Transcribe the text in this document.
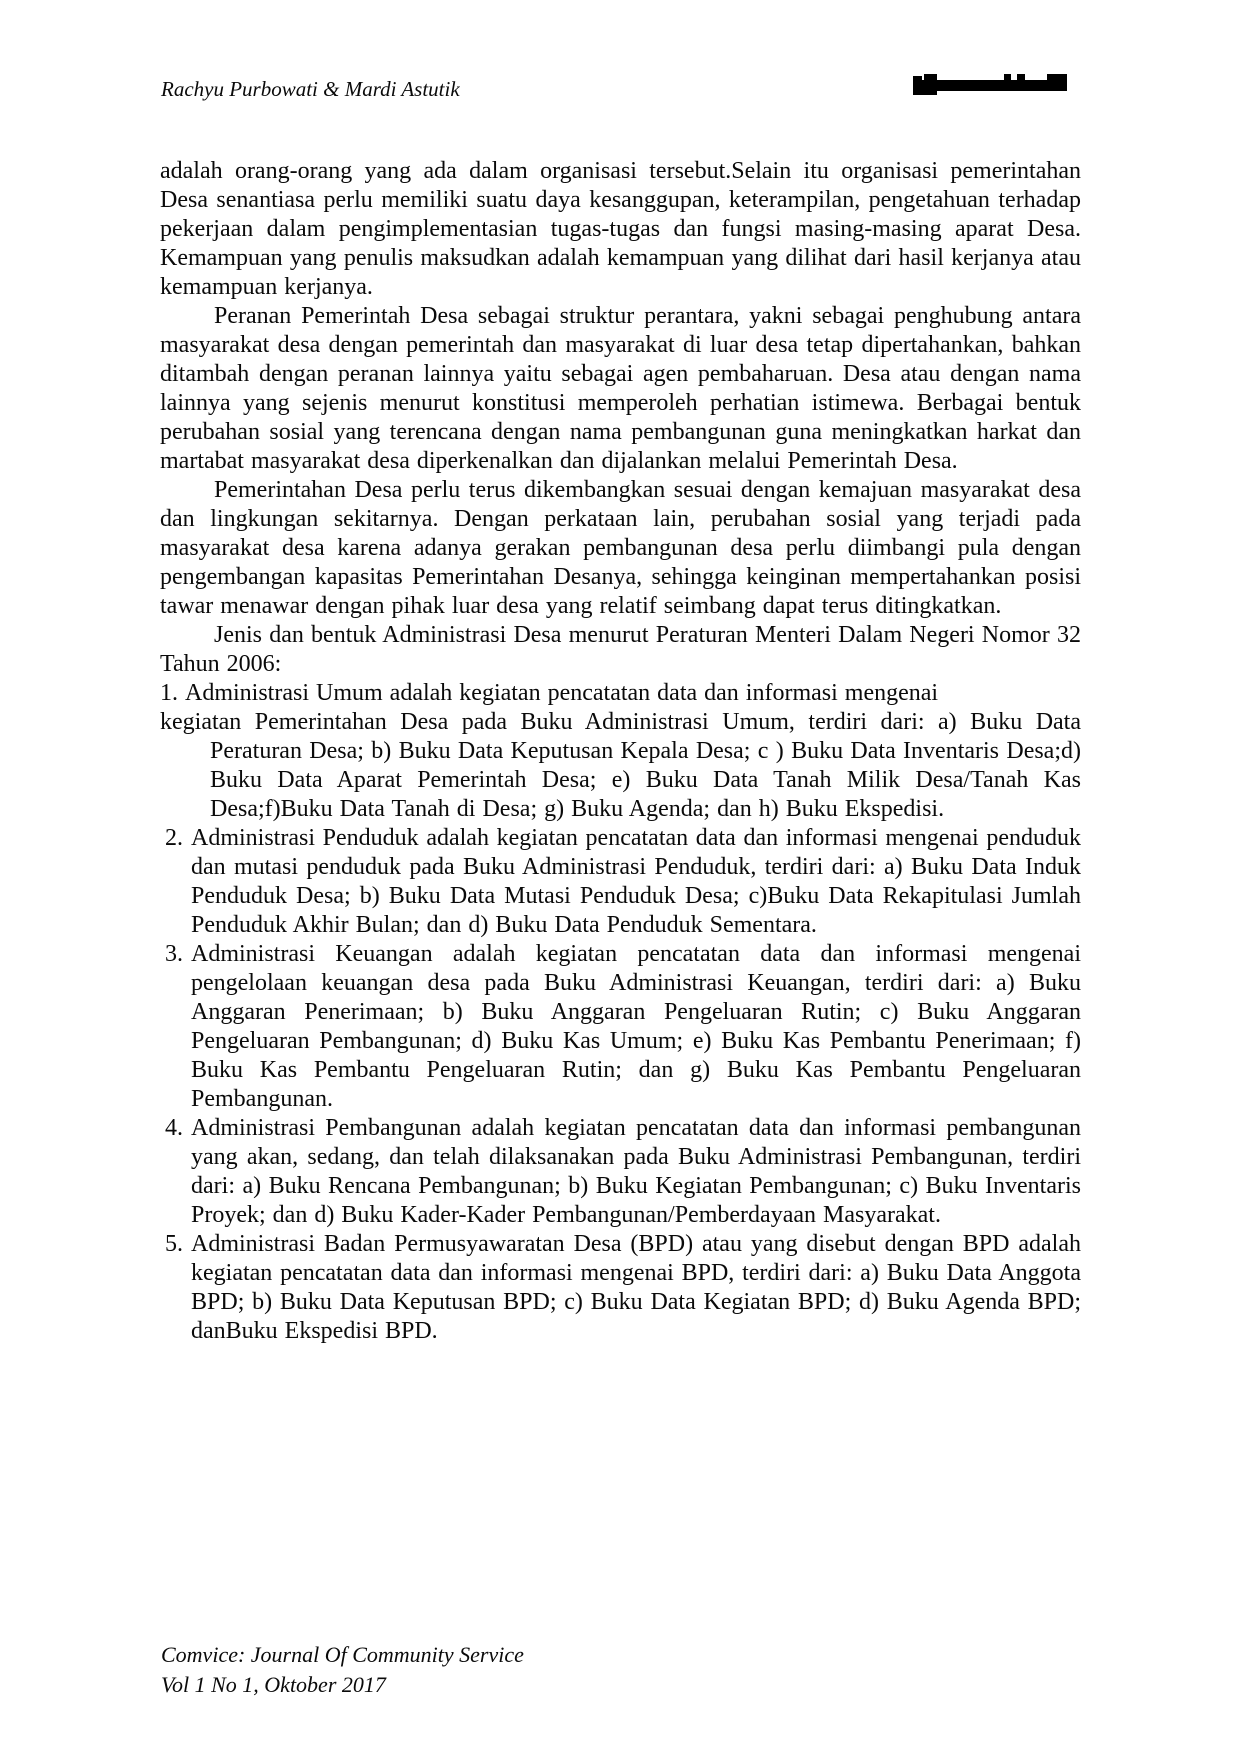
Rachyu Purbowati & Mardi Astutik

adalah orang-orang yang ada dalam organisasi tersebut.Selain itu organisasi pemerintahan Desa senantiasa perlu memiliki suatu daya kesanggupan, keterampilan, pengetahuan terhadap pekerjaan dalam pengimplementasian tugas-tugas dan fungsi masing-masing aparat Desa. Kemampuan yang penulis maksudkan adalah kemampuan yang dilihat dari hasil kerjanya atau kemampuan kerjanya.

Peranan Pemerintah Desa sebagai struktur perantara, yakni sebagai penghubung antara masyarakat desa dengan pemerintah dan masyarakat di luar desa tetap dipertahankan, bahkan ditambah dengan peranan lainnya yaitu sebagai agen pembaharuan. Desa atau dengan nama lainnya yang sejenis menurut konstitusi memperoleh perhatian istimewa. Berbagai bentuk perubahan sosial yang terencana dengan nama pembangunan guna meningkatkan harkat dan martabat masyarakat desa diperkenalkan dan dijalankan melalui Pemerintah Desa.

Pemerintahan Desa perlu terus dikembangkan sesuai dengan kemajuan masyarakat desa dan lingkungan sekitarnya. Dengan perkataan lain, perubahan sosial yang terjadi pada masyarakat desa karena adanya gerakan pembangunan desa perlu diimbangi pula dengan pengembangan kapasitas Pemerintahan Desanya, sehingga keinginan mempertahankan posisi tawar menawar dengan pihak luar desa yang relatif seimbang dapat terus ditingkatkan.

Jenis dan bentuk Administrasi Desa menurut Peraturan Menteri Dalam Negeri Nomor 32 Tahun 2006:

1. Administrasi Umum adalah kegiatan pencatatan data dan informasi mengenai
kegiatan Pemerintahan Desa pada Buku Administrasi Umum, terdiri dari: a) Buku Data Peraturan Desa; b) Buku Data Keputusan Kepala Desa; c ) Buku Data Inventaris Desa;d) Buku Data Aparat Pemerintah Desa; e) Buku Data Tanah Milik Desa/Tanah Kas Desa;f)Buku Data Tanah di Desa; g) Buku Agenda; dan h) Buku Ekspedisi.
2. Administrasi Penduduk adalah kegiatan pencatatan data dan informasi mengenai penduduk dan mutasi penduduk pada Buku Administrasi Penduduk, terdiri dari: a) Buku Data Induk Penduduk Desa; b) Buku Data Mutasi Penduduk Desa; c)Buku Data Rekapitulasi Jumlah Penduduk Akhir Bulan; dan d) Buku Data Penduduk Sementara.
3. Administrasi Keuangan adalah kegiatan pencatatan data dan informasi mengenai pengelolaan keuangan desa pada Buku Administrasi Keuangan, terdiri dari: a) Buku Anggaran Penerimaan; b) Buku Anggaran Pengeluaran Rutin; c) Buku Anggaran Pengeluaran Pembangunan; d) Buku Kas Umum; e) Buku Kas Pembantu Penerimaan; f) Buku Kas Pembantu Pengeluaran Rutin; dan g) Buku Kas Pembantu Pengeluaran Pembangunan.
4. Administrasi Pembangunan adalah kegiatan pencatatan data dan informasi pembangunan yang akan, sedang, dan telah dilaksanakan pada Buku Administrasi Pembangunan, terdiri dari: a) Buku Rencana Pembangunan; b) Buku Kegiatan Pembangunan; c) Buku Inventaris Proyek; dan d) Buku Kader-Kader Pembangunan/Pemberdayaan Masyarakat.
5. Administrasi Badan Permusyawaratan Desa (BPD) atau yang disebut dengan BPD adalah kegiatan pencatatan data dan informasi mengenai BPD, terdiri dari: a) Buku Data Anggota BPD; b) Buku Data Keputusan BPD; c) Buku Data Kegiatan BPD; d) Buku Agenda BPD; danBuku Ekspedisi BPD.
Comvice: Journal Of Community Service
Vol 1 No 1, Oktober 2017
